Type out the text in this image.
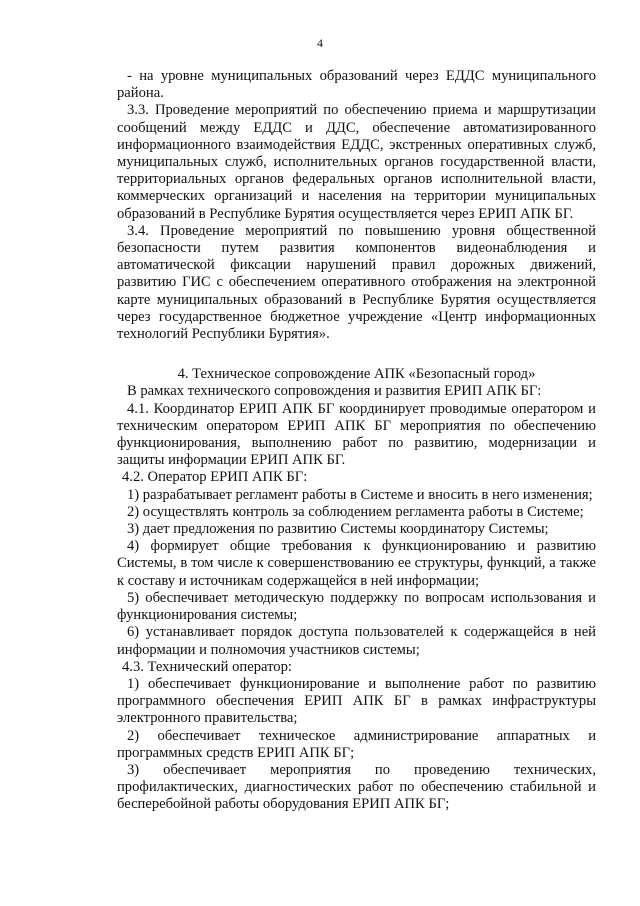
4

- на уровне муниципальных образований через ЕДДС муниципального района.

3.3. Проведение мероприятий по обеспечению приема и маршрутизации сообщений между ЕДДС и ДДС, обеспечение автоматизированного информационного взаимодействия ЕДДС, экстренных оперативных служб, муниципальных служб, исполнительных органов государственной власти, территориальных органов федеральных органов исполнительной власти, коммерческих организаций и населения на территории муниципальных образований в Республике Бурятия осуществляется через ЕРИП АПК БГ.

3.4. Проведение мероприятий по повышению уровня общественной безопасности путем развития компонентов видеонаблюдения и автоматической фиксации нарушений правил дорожных движений, развитию ГИС с обеспечением оперативного отображения на электронной карте муниципальных образований в Республике Бурятия осуществляется через государственное бюджетное учреждение «Центр информационных технологий Республики Бурятия».

4. Техническое сопровождение АПК «Безопасный город»

В рамках технического сопровождения и развития ЕРИП АПК БГ:

4.1. Координатор ЕРИП АПК БГ координирует проводимые оператором и техническим оператором ЕРИП АПК БГ мероприятия по обеспечению функционирования, выполнению работ по развитию, модернизации и защиты информации ЕРИП АПК БГ.

4.2. Оператор ЕРИП АПК БГ:

1) разрабатывает регламент работы в Системе и вносить в него изменения;

2) осуществлять контроль за соблюдением регламента работы в Системе;

3) дает предложения по развитию Системы координатору Системы;

4) формирует общие требования к функционированию и развитию Системы, в том числе к совершенствованию ее структуры, функций, а также к составу и источникам содержащейся в ней информации;

5) обеспечивает методическую поддержку по вопросам использования и функционирования системы;

6) устанавливает порядок доступа пользователей к содержащейся в ней информации и полномочия участников системы;

4.3. Технический оператор:

1) обеспечивает функционирование и выполнение работ по развитию программного обеспечения ЕРИП АПК БГ в рамках инфраструктуры электронного правительства;

2) обеспечивает техническое администрирование аппаратных и программных средств ЕРИП АПК БГ;

3) обеспечивает мероприятия по проведению технических, профилактических, диагностических работ по обеспечению стабильной и бесперебойной работы оборудования ЕРИП АПК БГ;
